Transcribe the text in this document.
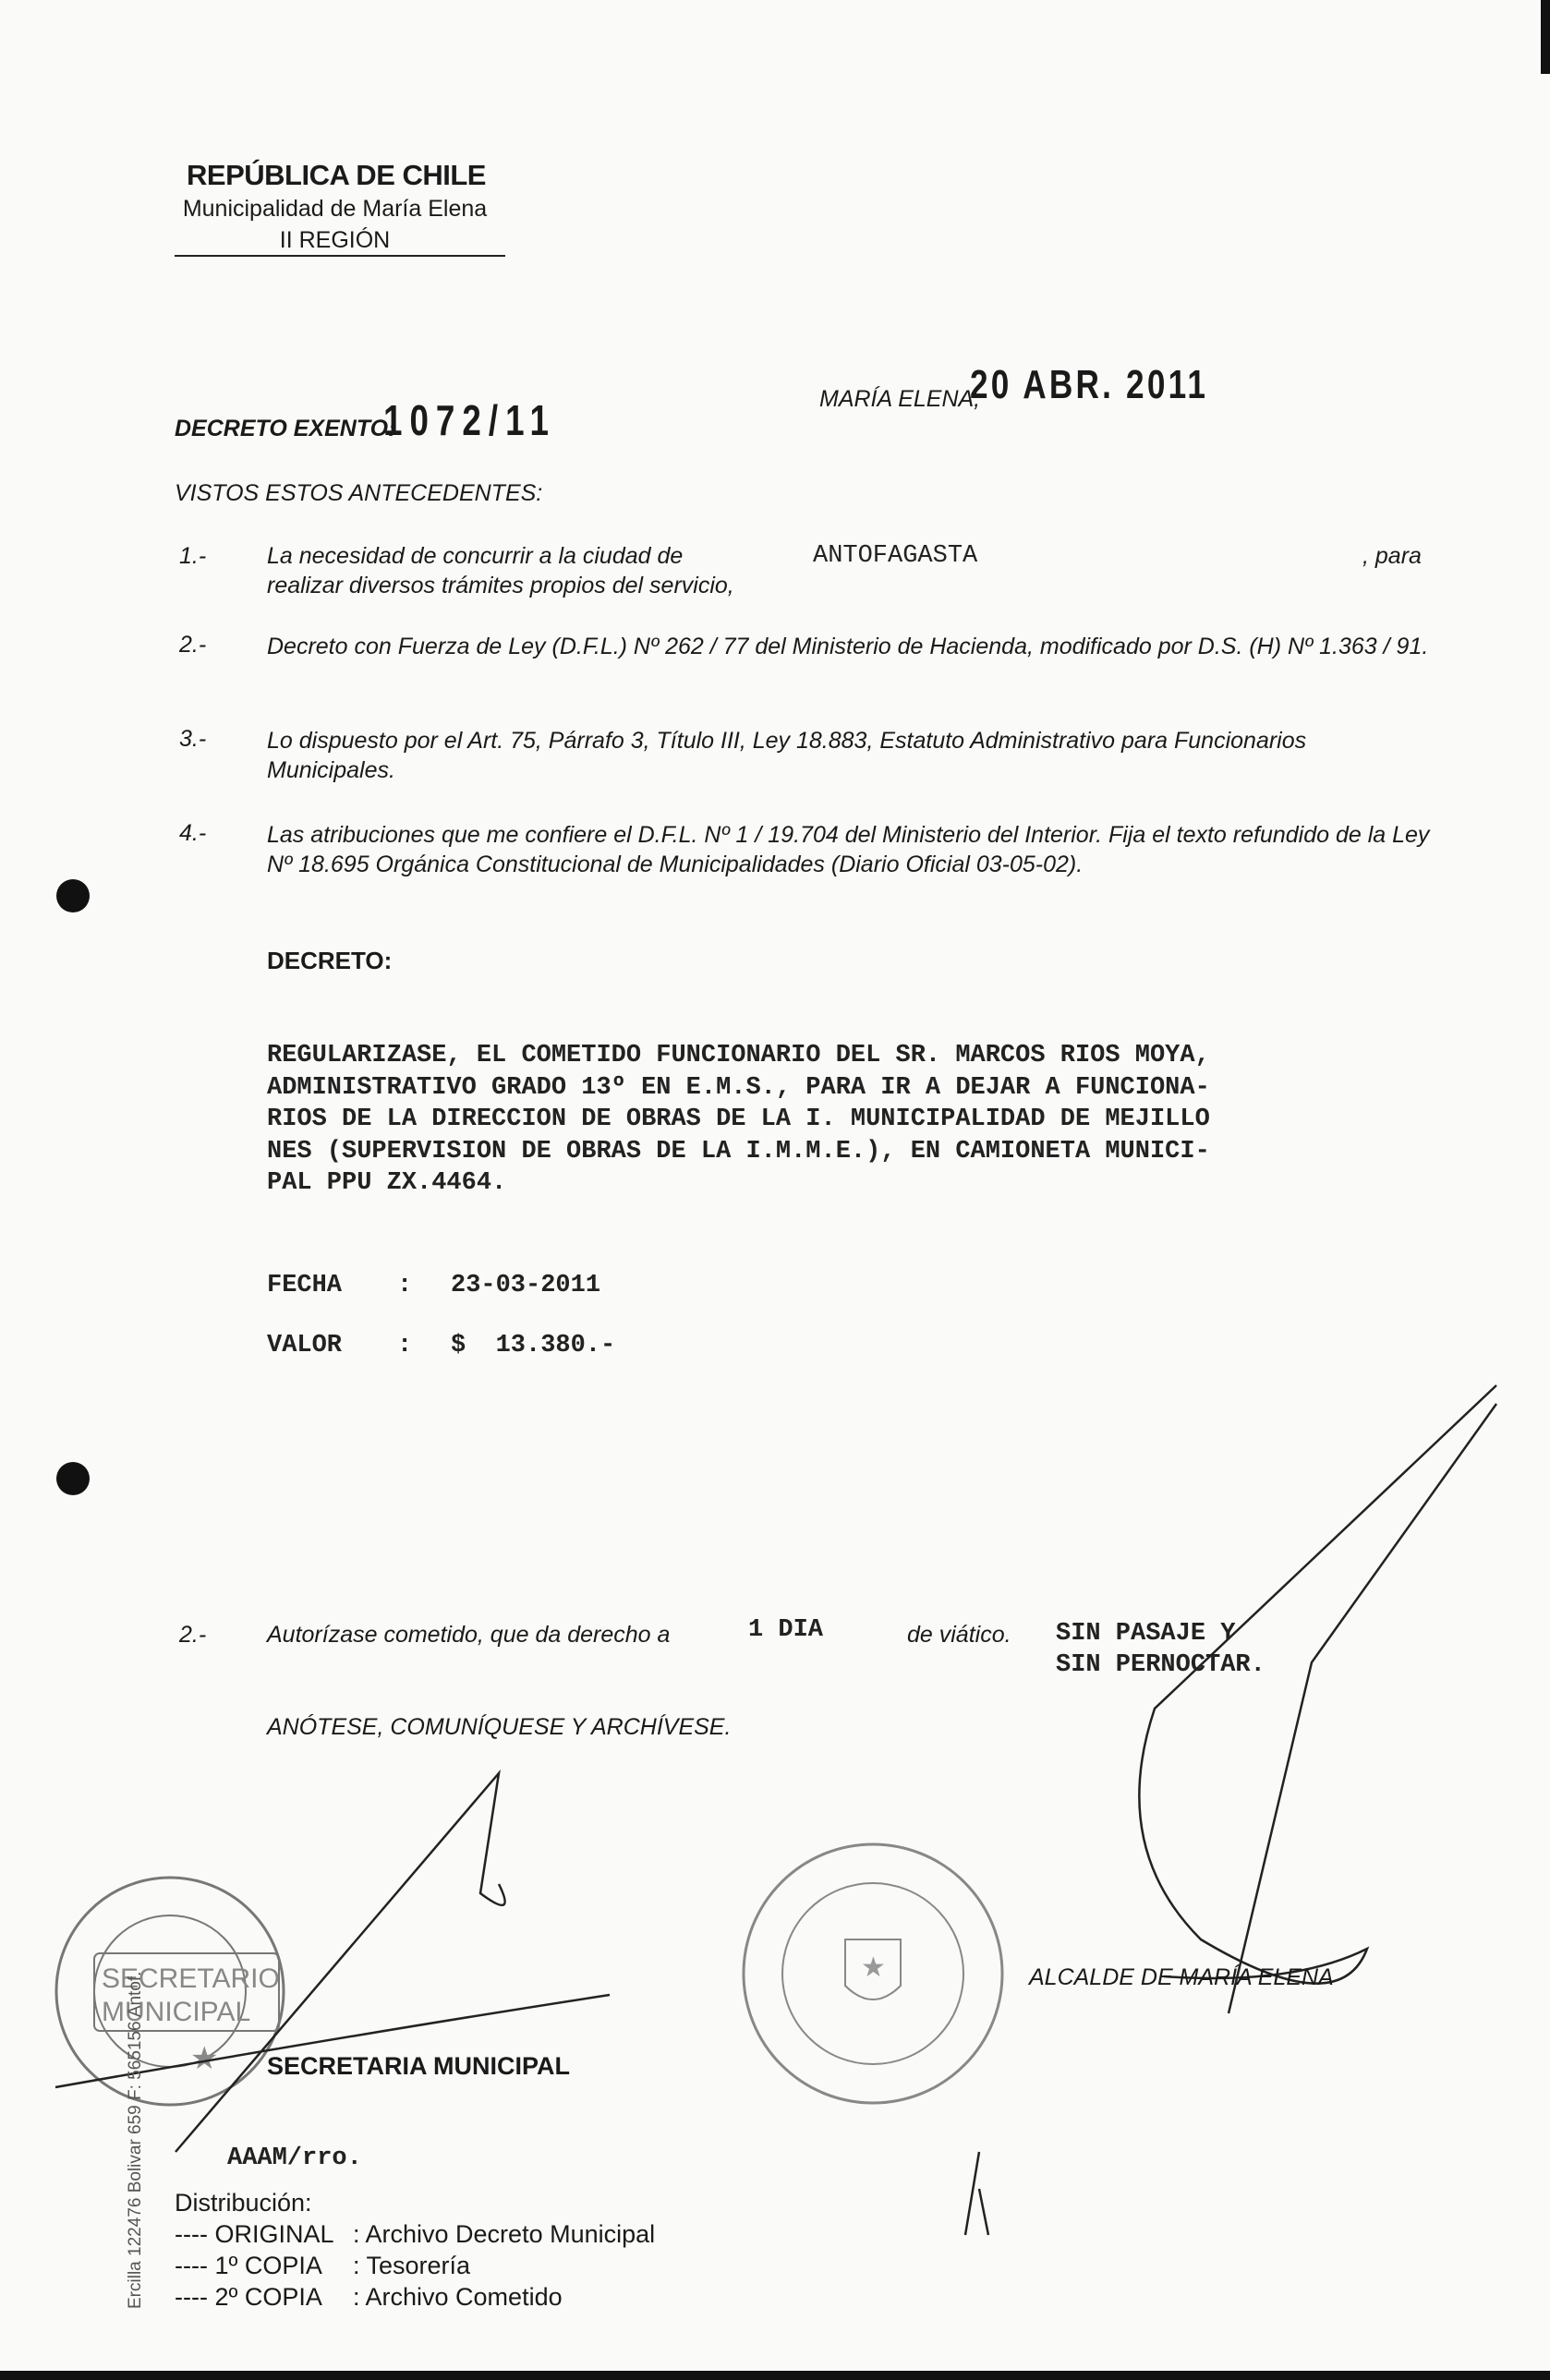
REPÚBLICA DE CHILE
Municipalidad de María Elena
II REGIÓN
DECRETO EXENTO:
1072/11	MARÍA ELENA,
20 ABR. 2011
VISTOS ESTOS ANTECEDENTES:
1.-	La necesidad de concurrir a la ciudad de	ANTOFAGASTA	, para
realizar diversos trámites propios del servicio,
2.-	Decreto con Fuerza de Ley (D.F.L.) Nº 262 / 77 del Ministerio de Hacienda, modificado por D.S. (H) Nº 1.363 / 91.
3.-	Lo dispuesto por el Art. 75, Párrafo 3, Título III, Ley 18.883, Estatuto Administrativo para Funcionarios Municipales.
4.-	Las atribuciones que me confiere el D.F.L. Nº 1 / 19.704 del Ministerio del Interior. Fija el texto refundido de la Ley Nº 18.695 Orgánica Constitucional de Municipalidades (Diario Oficial 03-05-02).
DECRETO:
REGULARIZASE, EL COMETIDO FUNCIONARIO DEL SR. MARCOS RIOS MOYA,
ADMINISTRATIVO GRADO 13º EN E.M.S., PARA IR A DEJAR A FUNCIONA-
RIOS DE LA DIRECCION DE OBRAS DE LA I. MUNICIPALIDAD DE MEJILLO
NES (SUPERVISION DE OBRAS DE LA I.M.M.E.), EN CAMIONETA MUNICI-
PAL PPU ZX.4464.
FECHA : 23-03-2011
VALOR : $  13.380.-
2.-	Autorízase cometido, que da derecho a	1 DIA	de viático. SIN PASAJE Y
SIN PERNOCTAR.
ANÓTESE, COMUNÍQUESE Y ARCHÍVESE.
SECRETARIO
MUNICIPAL
★
★	ALCALDE DE MARÍA ELENA
SECRETARIA MUNICIPAL
AAAM/rro.
Distribución:
---- ORIGINAL : Archivo Decreto Municipal
---- 1º COPIA : Tesorería
---- 2º COPIA : Archivo Cometido
Ercilla 122476 Bolivar 659 F: 565156 Antof.
